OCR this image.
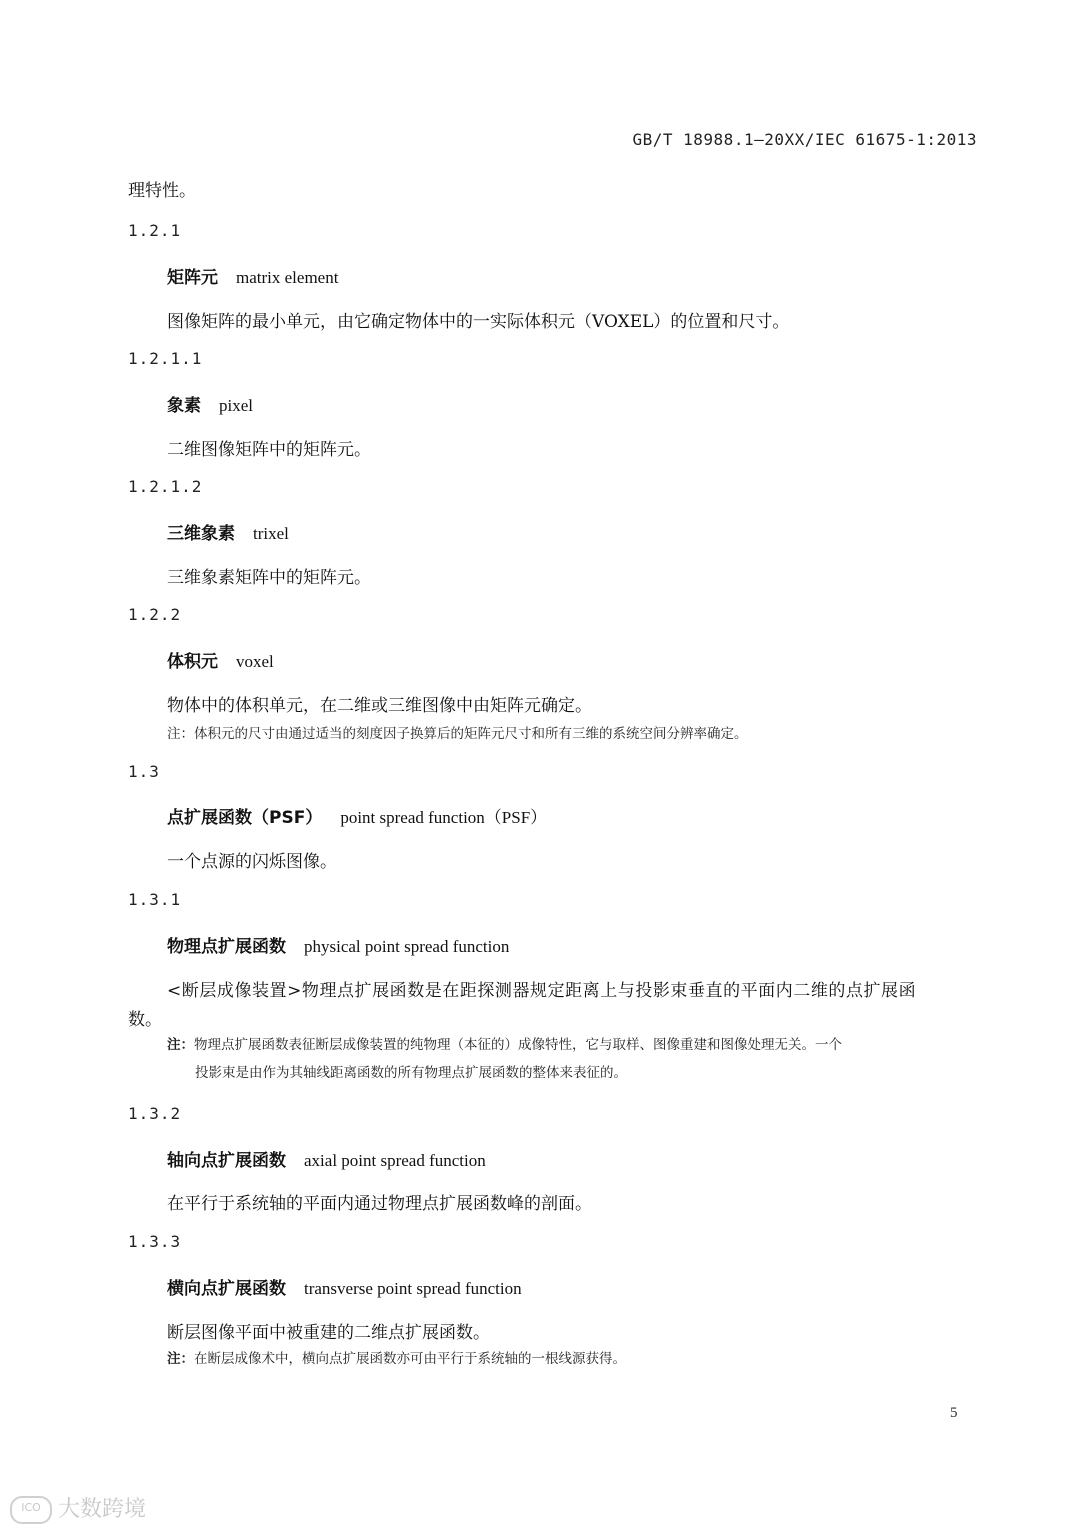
GB/T 18988.1—20XX/IEC 61675-1:2013
理特性。
1.2.1
矩阵元 matrix element
图像矩阵的最小单元，由它确定物体中的一实际体积元（VOXEL）的位置和尺寸。
1.2.1.1
象素 pixel
二维图像矩阵中的矩阵元。
1.2.1.2
三维象素 trixel
三维象素矩阵中的矩阵元。
1.2.2
体积元 voxel
物体中的体积单元，在二维或三维图像中由矩阵元确定。
注：体积元的尺寸由通过适当的刻度因子换算后的矩阵元尺寸和所有三维的系统空间分辨率确定。
1.3
点扩展函数（PSF） point spread function（PSF）
一个点源的闪烁图像。
1.3.1
物理点扩展函数 physical point spread function
<断层成像装置>物理点扩展函数是在距探测器规定距离上与投影束垂直的平面内二维的点扩展函
数。
注：物理点扩展函数表征断层成像装置的纯物理（本征的）成像特性，它与取样、图像重建和图像处理无关。一个
投影束是由作为其轴线距离函数的所有物理点扩展函数的整体来表征的。
1.3.2
轴向点扩展函数 axial point spread function
在平行于系统轴的平面内通过物理点扩展函数峰的剖面。
1.3.3
横向点扩展函数 transverse point spread function
断层图像平面中被重建的二维点扩展函数。
注：在断层成像术中，横向点扩展函数亦可由平行于系统轴的一根线源获得。
5
ICO 大数跨境
